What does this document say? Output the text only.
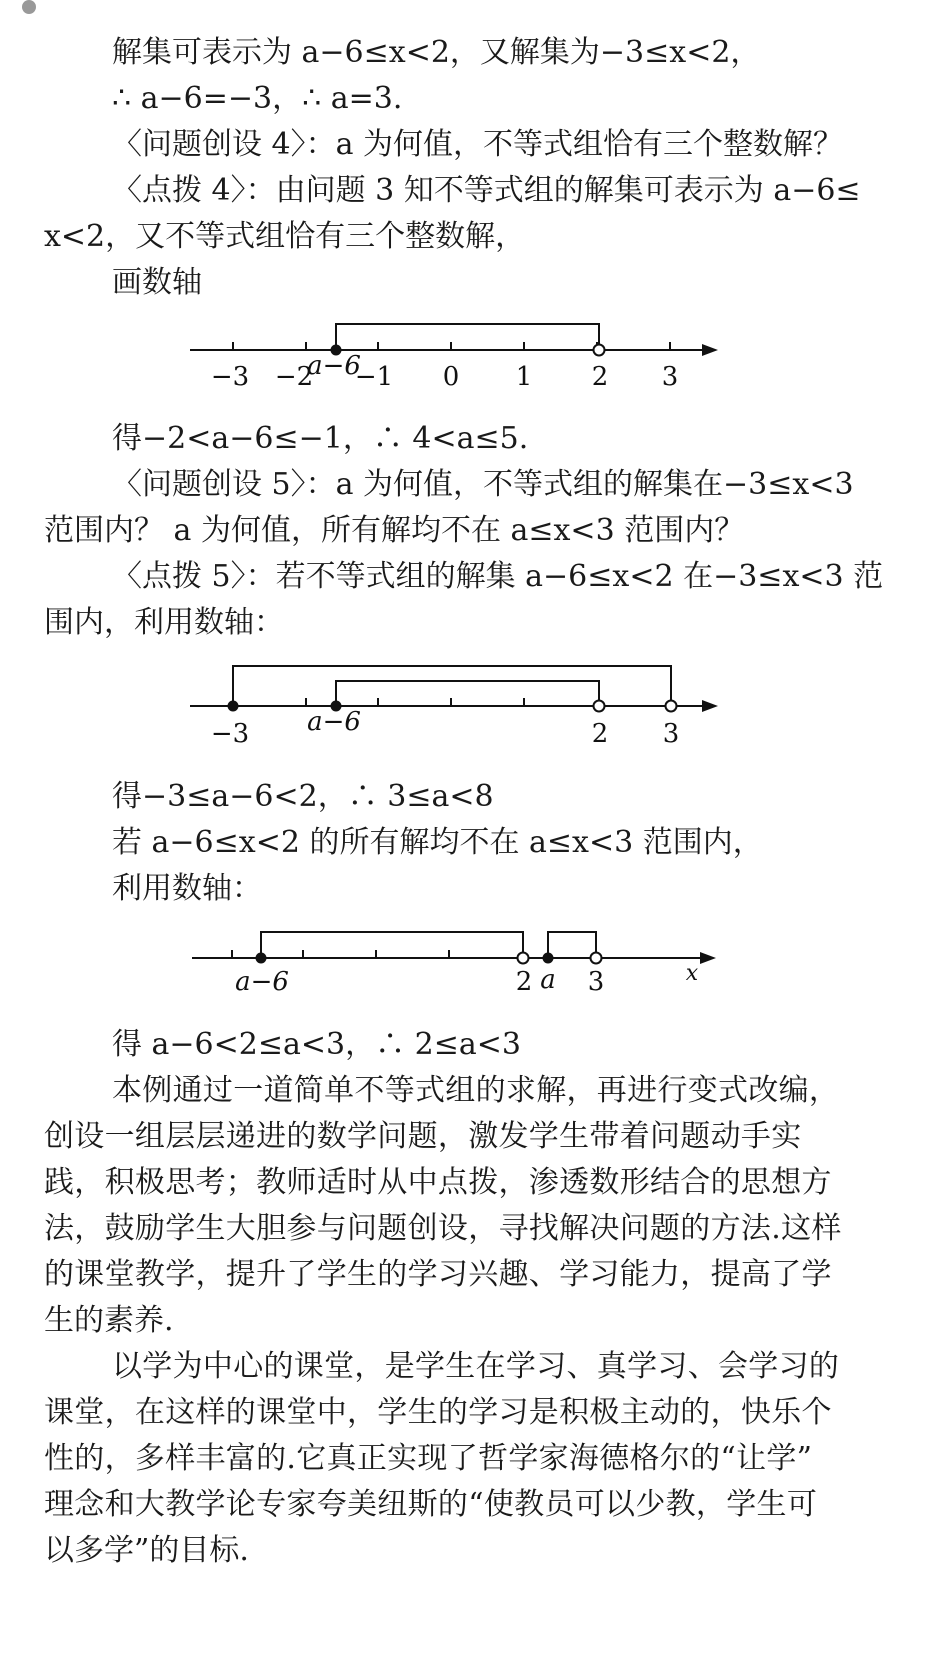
解集可表示为 a−6≤x<2，又解集为−3≤x<2，
∴ a−6=−3，∴ a=3.
〈问题创设 4〉：a 为何值，不等式组恰有三个整数解？
〈点拨 4〉：由问题 3 知不等式组的解集可表示为 a−6≤
x<2，又不等式组恰有三个整数解，
画数轴
−3 −2 −1 0 1 2 3
a−6
得−2<a−6≤−1，∴ 4<a≤5.
〈问题创设 5〉：a 为何值，不等式组的解集在−3≤x<3
范围内？ a 为何值，所有解均不在 a≤x<3 范围内？
〈点拨 5〉：若不等式组的解集 a−6≤x<2 在−3≤x<3 范
围内，利用数轴：
−3 a−6	2 3
得−3≤a−6<2，∴ 3≤a<8
若 a−6≤x<2 的所有解均不在 a≤x<3 范围内，
利用数轴：
a−6	2 a 3	x
得 a−6<2≤a<3，∴ 2≤a<3
本例通过一道简单不等式组的求解，再进行变式改编，
创设一组层层递进的数学问题，激发学生带着问题动手实
践，积极思考；教师适时从中点拨，渗透数形结合的思想方
法，鼓励学生大胆参与问题创设，寻找解决问题的方法.这样
的课堂教学，提升了学生的学习兴趣、学习能力，提高了学
生的素养.
以学为中心的课堂，是学生在学习、真学习、会学习的
课堂，在这样的课堂中，学生的学习是积极主动的，快乐个
性的，多样丰富的.它真正实现了哲学家海德格尔的“让学”
理念和大教学论专家夸美纽斯的“使教员可以少教，学生可
以多学”的目标.
